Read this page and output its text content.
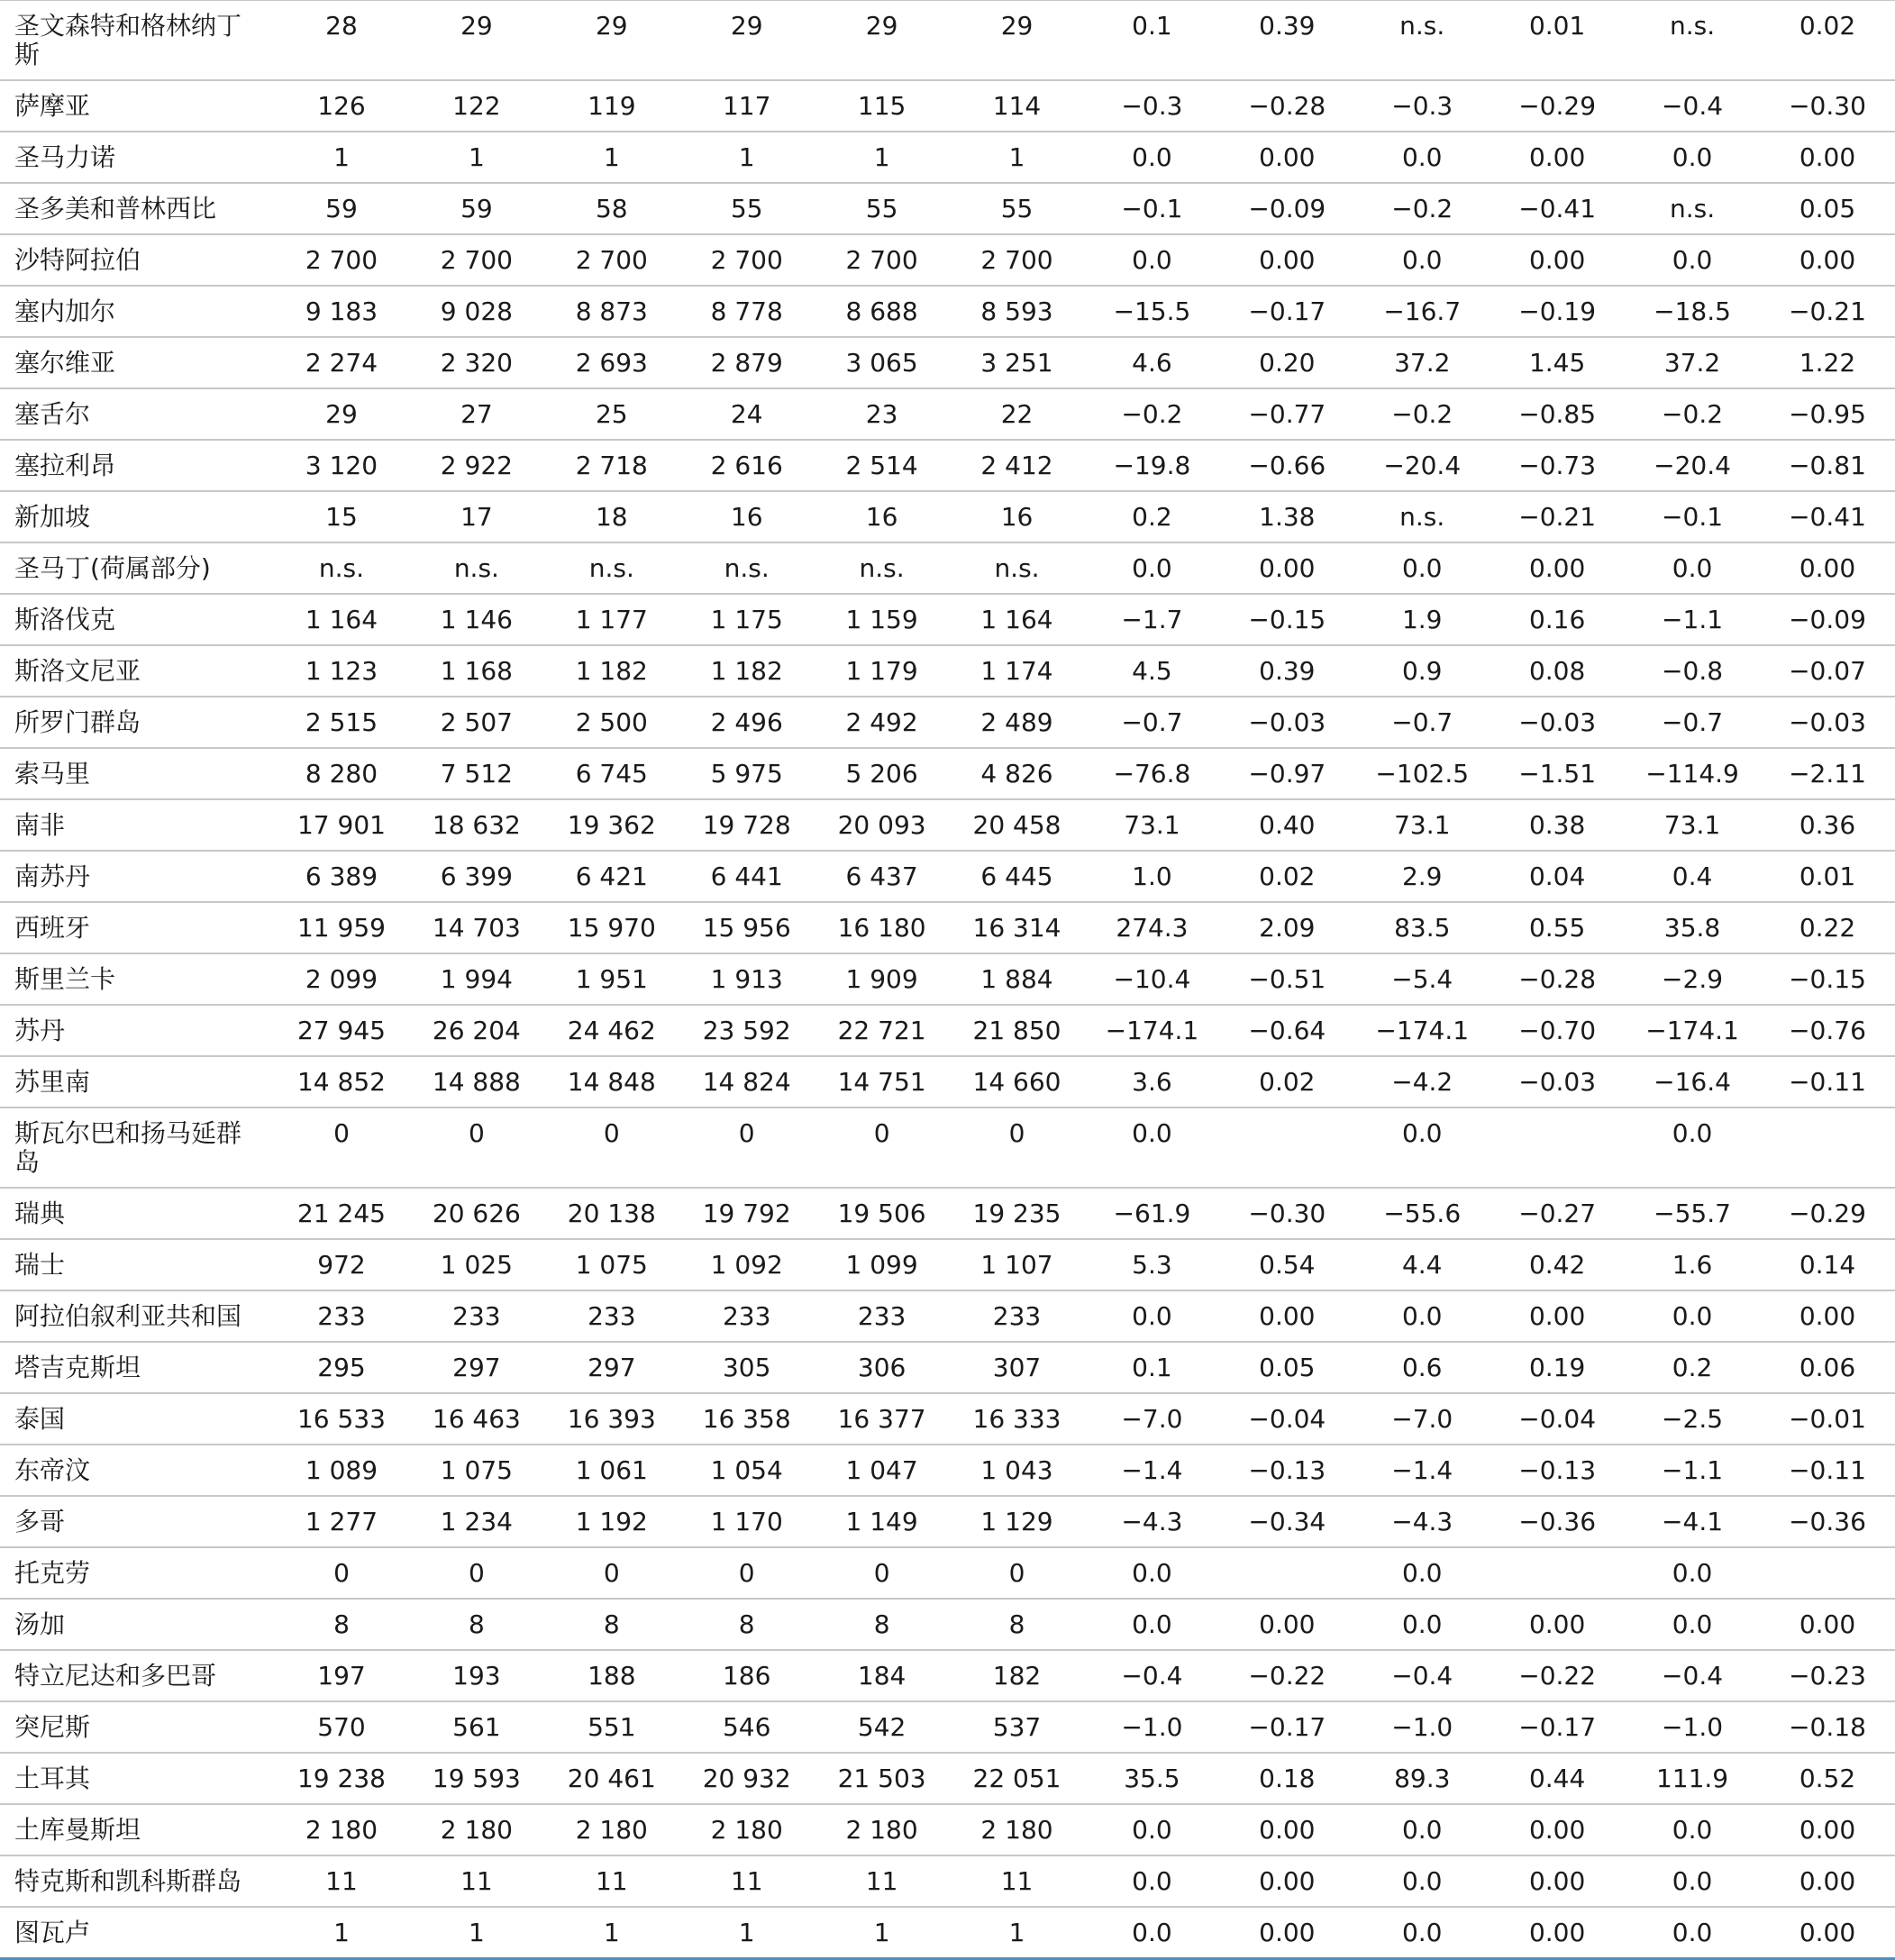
圣文森特和格林纳丁斯	28	29	29	29	29	29	0.1	0.39	n.s.	0.01	n.s.	0.02
萨摩亚	126	122	119	117	115	114	−0.3	−0.28	−0.3	−0.29	−0.4	−0.30
圣马力诺	1	1	1	1	1	1	0.0	0.00	0.0	0.00	0.0	0.00
圣多美和普林西比	59	59	58	55	55	55	−0.1	−0.09	−0.2	−0.41	n.s.	0.05
沙特阿拉伯	2 700	2 700	2 700	2 700	2 700	2 700	0.0	0.00	0.0	0.00	0.0	0.00
塞内加尔	9 183	9 028	8 873	8 778	8 688	8 593	−15.5	−0.17	−16.7	−0.19	−18.5	−0.21
塞尔维亚	2 274	2 320	2 693	2 879	3 065	3 251	4.6	0.20	37.2	1.45	37.2	1.22
塞舌尔	29	27	25	24	23	22	−0.2	−0.77	−0.2	−0.85	−0.2	−0.95
塞拉利昂	3 120	2 922	2 718	2 616	2 514	2 412	−19.8	−0.66	−20.4	−0.73	−20.4	−0.81
新加坡	15	17	18	16	16	16	0.2	1.38	n.s.	−0.21	−0.1	−0.41
圣马丁(荷属部分)	n.s.	n.s.	n.s.	n.s.	n.s.	n.s.	0.0	0.00	0.0	0.00	0.0	0.00
斯洛伐克	1 164	1 146	1 177	1 175	1 159	1 164	−1.7	−0.15	1.9	0.16	−1.1	−0.09
斯洛文尼亚	1 123	1 168	1 182	1 182	1 179	1 174	4.5	0.39	0.9	0.08	−0.8	−0.07
所罗门群岛	2 515	2 507	2 500	2 496	2 492	2 489	−0.7	−0.03	−0.7	−0.03	−0.7	−0.03
索马里	8 280	7 512	6 745	5 975	5 206	4 826	−76.8	−0.97	−102.5	−1.51	−114.9	−2.11
南非	17 901	18 632	19 362	19 728	20 093	20 458	73.1	0.40	73.1	0.38	73.1	0.36
南苏丹	6 389	6 399	6 421	6 441	6 437	6 445	1.0	0.02	2.9	0.04	0.4	0.01
西班牙	11 959	14 703	15 970	15 956	16 180	16 314	274.3	2.09	83.5	0.55	35.8	0.22
斯里兰卡	2 099	1 994	1 951	1 913	1 909	1 884	−10.4	−0.51	−5.4	−0.28	−2.9	−0.15
苏丹	27 945	26 204	24 462	23 592	22 721	21 850	−174.1	−0.64	−174.1	−0.70	−174.1	−0.76
苏里南	14 852	14 888	14 848	14 824	14 751	14 660	3.6	0.02	−4.2	−0.03	−16.4	−0.11
斯瓦尔巴和扬马延群岛	0	0	0	0	0	0	0.0		0.0		0.0	
瑞典	21 245	20 626	20 138	19 792	19 506	19 235	−61.9	−0.30	−55.6	−0.27	−55.7	−0.29
瑞士	972	1 025	1 075	1 092	1 099	1 107	5.3	0.54	4.4	0.42	1.6	0.14
阿拉伯叙利亚共和国	233	233	233	233	233	233	0.0	0.00	0.0	0.00	0.0	0.00
塔吉克斯坦	295	297	297	305	306	307	0.1	0.05	0.6	0.19	0.2	0.06
泰国	16 533	16 463	16 393	16 358	16 377	16 333	−7.0	−0.04	−7.0	−0.04	−2.5	−0.01
东帝汶	1 089	1 075	1 061	1 054	1 047	1 043	−1.4	−0.13	−1.4	−0.13	−1.1	−0.11
多哥	1 277	1 234	1 192	1 170	1 149	1 129	−4.3	−0.34	−4.3	−0.36	−4.1	−0.36
托克劳	0	0	0	0	0	0	0.0		0.0		0.0	
汤加	8	8	8	8	8	8	0.0	0.00	0.0	0.00	0.0	0.00
特立尼达和多巴哥	197	193	188	186	184	182	−0.4	−0.22	−0.4	−0.22	−0.4	−0.23
突尼斯	570	561	551	546	542	537	−1.0	−0.17	−1.0	−0.17	−1.0	−0.18
土耳其	19 238	19 593	20 461	20 932	21 503	22 051	35.5	0.18	89.3	0.44	111.9	0.52
土库曼斯坦	2 180	2 180	2 180	2 180	2 180	2 180	0.0	0.00	0.0	0.00	0.0	0.00
特克斯和凯科斯群岛	11	11	11	11	11	11	0.0	0.00	0.0	0.00	0.0	0.00
图瓦卢	1	1	1	1	1	1	0.0	0.00	0.0	0.00	0.0	0.00
